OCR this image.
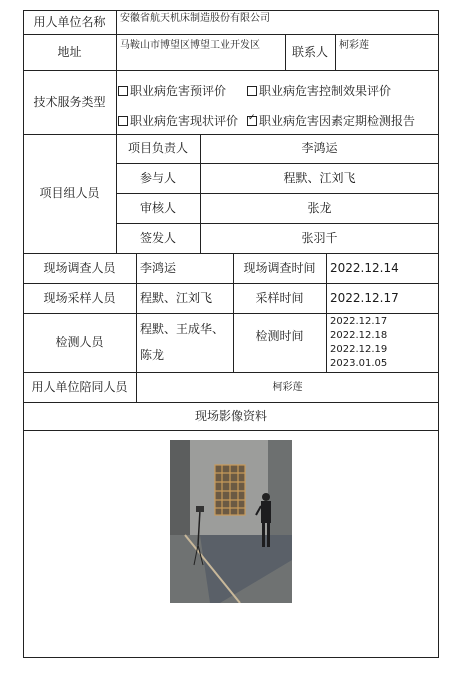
用人单位名称	安徽省航天机床制造股份有限公司
地址	马鞍山市博望区博望工业开发区	联系人	柯彩莲
技术服务类型
职业病危害预评价	职业病危害控制效果评价
职业病危害现状评价
✓ 职业病危害因素定期检测报告
项目组人员
项目负责人	李鸿运
参与人	程默、江刘飞
审核人	张龙
签发人	张羽千
现场调查人员	李鸿运	现场调查时间	2022.12.14
现场采样人员	程默、江刘飞	采样时间	2022.12.17
检测人员
程默、王成华、
陈龙
检测时间
2022.12.17
2022.12.18
2022.12.19
2023.01.05
用人单位陪同人员	柯彩莲
现场影像资料
